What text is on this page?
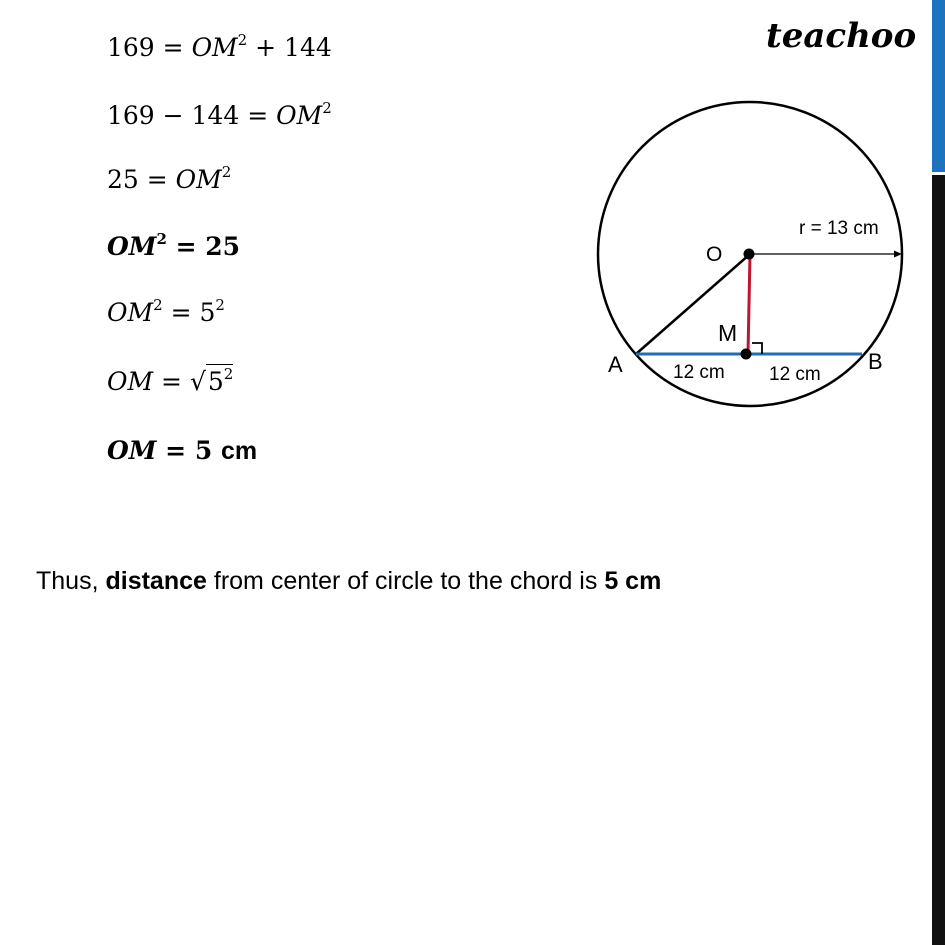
teachoo
$169 = OM^2 + 144$
$169 - 144 = OM^2$
$25 = OM^2$
$OM^2 = 25$
$OM^2 = 5^2$
OM = $√5^2$
OM = 5 cm
Thus, distance from center of circle to the chord is 5 cm
O
M
A	B
r = 13 cm
12 cm 12 cm
